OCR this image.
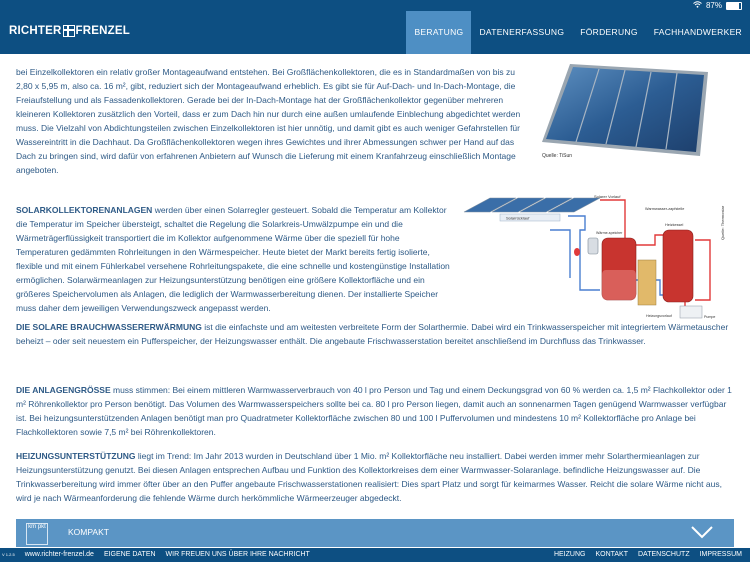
87%
RICHTER FRENZEL	BERATUNG	DATENERFASSUNG	FÖRDERUNG	FACHHANDWERKER
bei Einzelkollektoren ein relativ großer Montageaufwand entstehen. Bei Großflächenkollektoren, die es in Standardmaßen von bis zu 2,80 x 5,95 m, also ca. 16 m², gibt, reduziert sich der Montageaufwand erheblich. Es gibt sie für Auf-Dach- und In-Dach-Montage, die Freiaufstellung und als Fassadenkollektoren. Gerade bei der In-Dach-Montage hat der Großflächenkollektor gegenüber mehreren kleineren Kollektoren zusätzlich den Vorteil, dass er zum Dach hin nur durch eine außen umlaufende Einblechung abgedichtet werden muss. Die Vielzahl von Abdichtungsteilen zwischen Einzelkollektoren ist hier unnötig, und damit gibt es auch weniger Gefahrstellen für Wassereintritt in die Dachhaut. Da Großflächenkollektoren wegen ihres Gewichtes und ihrer Abmessungen schwer per Hand auf das Dach zu bringen sind, wird dafür von erfahrenen Anbietern auf Wunsch die Lieferung mit einem Kranfahrzeug einschließlich Montage angeboten.
SOLARKOLLEKTORENANLAGEN werden über einen Solarregler gesteuert. Sobald die Temperatur am Kollektor die Temperatur im Speicher übersteigt, schaltet die Regelung die Solarkreis-Umwälzpumpe ein und die Wärmeträgerflüssigkeit transportiert die im Kollektor aufgenommene Wärme über die speziell für hohe Temperaturen gedämmten Rohrleitungen in den Wärmespeicher. Heute bietet der Markt bereits fertig isolierte, flexible und mit einem Fühlerkabel versehene Rohrleitungspakete, die eine schnelle und kostengünstige Installation ermöglichen. Solarwärmeanlagen zur Heizungsunterstützung benötigen eine größere Kollektorfläche und ein größeres Speichervolumen als Anlagen, die lediglich der Warmwasserbereitung dienen. Der installierte Speicher muss daher dem jeweiligen Verwendungszweck angepasst werden.
DIE SOLARE BRAUCHWASSERERWÄRMUNG ist die einfachste und am weitesten verbreitete Form der Solarthermie. Dabei wird ein Trinkwasserspeicher mit integriertem Wärmetauscher beheizt – oder seit neuestem ein Pufferspeicher, der Heizungswasser enthält. Die angebaute Frischwasserstation bereitet anschließend im Durchfluss das Trinkwasser.
DIE ANLAGENGRÖSSE muss stimmen: Bei einem mittleren Warmwasserverbrauch von 40 l pro Person und Tag und einem Deckungsgrad von 60 % werden ca. 1,5 m² Flachkollektor oder 1 m² Röhrenkollektor pro Person benötigt. Das Volumen des Warmwasserspeichers sollte bei ca. 80 l pro Person liegen, damit auch an sonnenarmen Tagen genügend Warmwasser verfügbar ist. Bei heizungsunterstützenden Anlagen benötigt man pro Quadratmeter Kollektorfläche zwischen 80 und 100 l Puffervolumen und mindestens 10 m² Kollektorfläche pro Anlage bei Flachkollektoren sowie 7,5 m² bei Röhrenkollektoren.
HEIZUNGSUNTERSTÜTZUNG liegt im Trend: Im Jahr 2013 wurden in Deutschland über 1 Mio. m² Kollektorfläche neu installiert. Dabei werden immer mehr Solarthermieanlagen zur Heizungsunterstützung genutzt. Bei diesen Anlagen entsprechen Aufbau und Funktion des Kollektorkreises dem einer Warmwasser-Solaranlage. befindliche Heizungswasser auf. Die Trinkwasserbereitung wird immer öfter über an den Puffer angebaute Frischwasserstationen realisiert: Dies spart Platz und sorgt für keimarmes Wasser. Reicht die solare Wärme nicht aus, wird je nach Wärmeanforderung die fehlende Wärme durch herkömmliche Wärmeerzeuger abgedeckt.
Quelle: TiSun
Solarrücklauf
Solarer Vorlauf
Wärme-speicher
Heizkessel
Warmwasser-zapfstelle
Pumpe
Heizungsvorlauf
Quelle: Thermostar
km pkt	KOMPAKT
V 1.2.5 www.richter-frenzel.de EIGENE DATEN WIR FREUEN UNS ÜBER IHRE NACHRICHT	HEIZUNG KONTAKT DATENSCHUTZ IMPRESSUM
